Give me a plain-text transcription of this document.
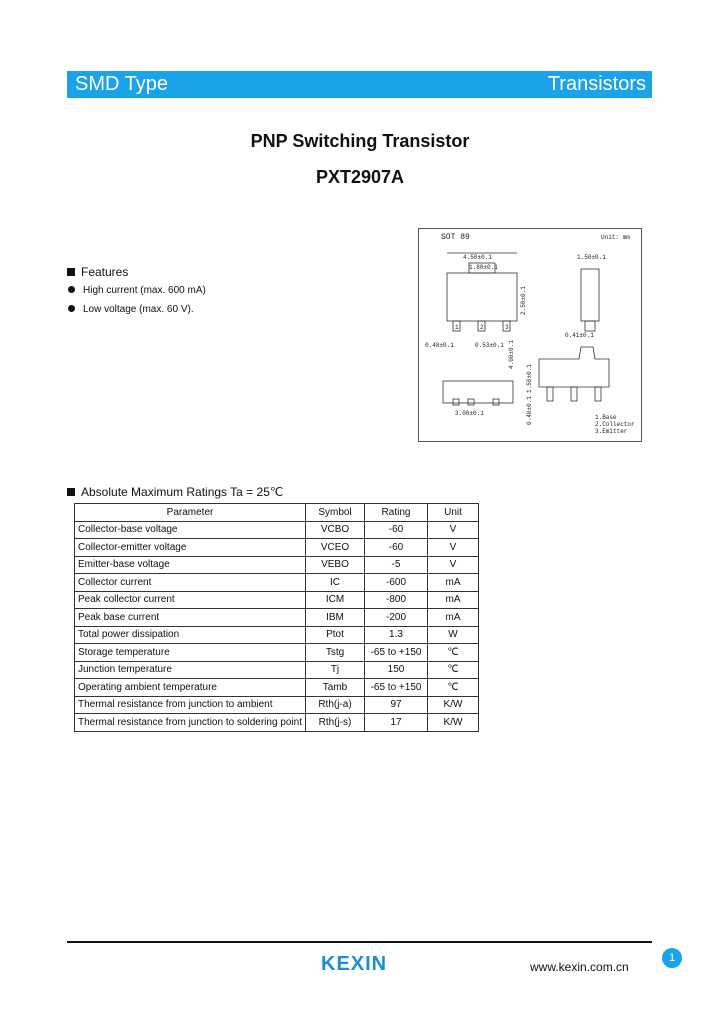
SMD Type	Transistors
PNP Switching Transistor
PXT2907A
Features
High current (max. 600 mA)
Low voltage (max. 60 V).
SOT 89	Unit: mm
1	2	3
4.50±0.1
1.80±0.1
1.50±0.1
0.48±0.1	0.53±0.1
0.41±0.1
2.50±0.1
4.00±0.1
1.50±0.1
0.40±0.1
3.00±0.1
1.Base
2.Collector
3.Emitter
Absolute Maximum Ratings Ta = 25℃
Parameter	Symbol	Rating	Unit
Collector-base voltage	VCBO	-60	V
Collector-emitter voltage	VCEO	-60	V
Emitter-base voltage	VEBO	-5	V
Collector current	IC	-600	mA
Peak collector current	ICM	-800	mA
Peak base current	IBM	-200	mA
Total power dissipation	Ptot	1.3	W
Storage temperature	Tstg	-65 to +150	℃
Junction temperature	Tj	150	℃
Operating ambient temperature	Tamb	-65 to +150	℃
Thermal resistance from junction to ambient	Rth(j-a)	97	K/W
Thermal resistance from junction to soldering point	Rth(j-s)	17	K/W
KEXIN	www.kexin.com.cn
1
